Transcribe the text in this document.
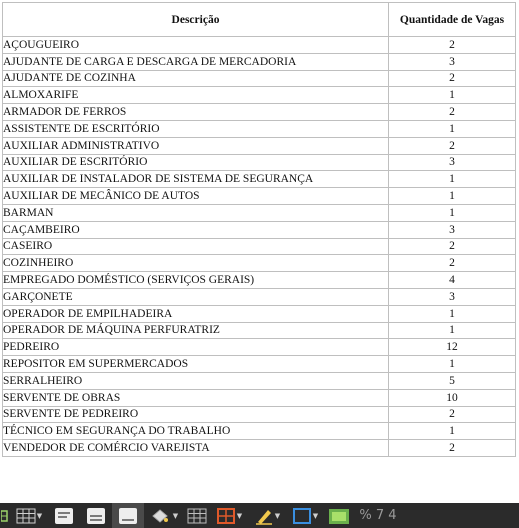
Descrição	Quantidade de Vagas
AÇOUGUEIRO	2
AJUDANTE DE CARGA E DESCARGA DE MERCADORIA	3
AJUDANTE DE COZINHA	2
ALMOXARIFE	1
ARMADOR DE FERROS	2
ASSISTENTE DE ESCRITÓRIO	1
AUXILIAR ADMINISTRATIVO	2
AUXILIAR DE ESCRITÓRIO	3
AUXILIAR DE INSTALADOR DE SISTEMA DE SEGURANÇA	1
AUXILIAR DE MECÂNICO DE AUTOS	1
BARMAN	1
CAÇAMBEIRO	3
CASEIRO	2
COZINHEIRO	2
EMPREGADO DOMÉSTICO (SERVIÇOS GERAIS)	4
GARÇONETE	3
OPERADOR DE EMPILHADEIRA	1
OPERADOR DE MÁQUINA PERFURATRIZ	1
PEDREIRO	12
REPOSITOR EM SUPERMERCADOS	1
SERRALHEIRO	5
SERVENTE DE OBRAS	10
SERVENTE DE PEDREIRO	2
TÉCNICO EM SEGURANÇA DO TRABALHO	1
VENDEDOR DE COMÉRCIO VAREJISTA	2
▼	▼	▼	▼	▼	% 7 4
